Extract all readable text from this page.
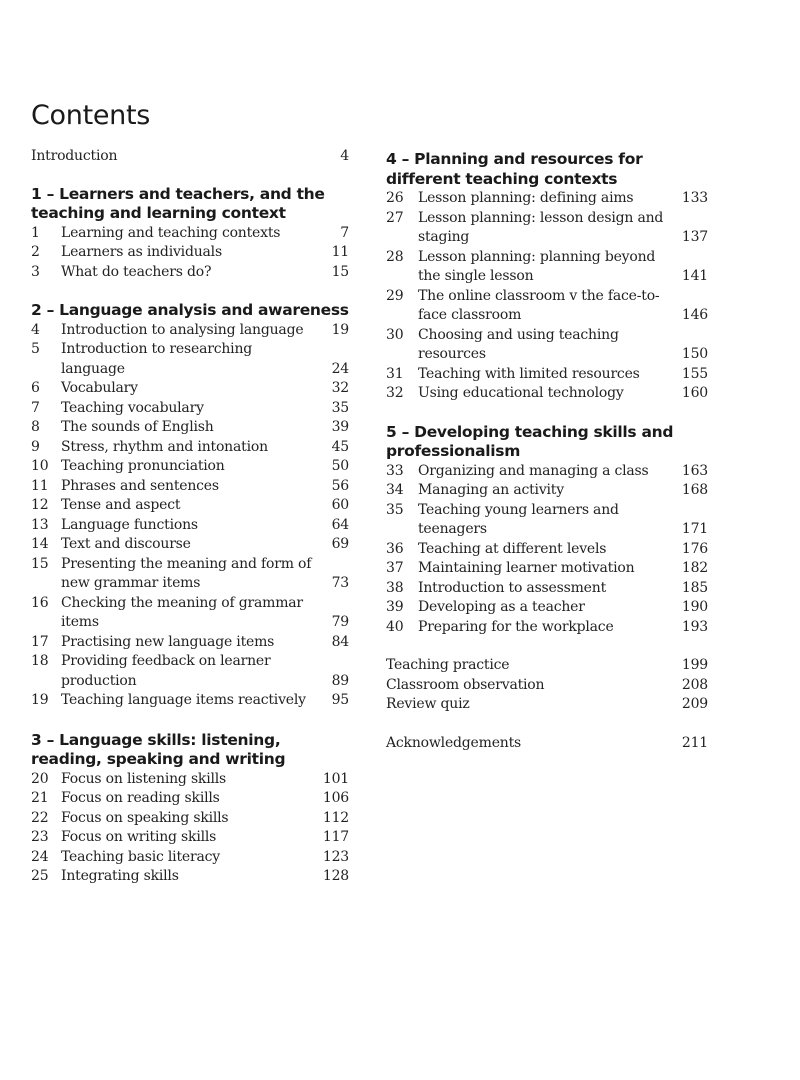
Contents
Introduction	4
1 – Learners and teachers, and the teaching and learning context
1	Learning and teaching contexts	7
2	Learners as individuals	11
3	What do teachers do?	15
2 – Language analysis and awareness
4	Introduction to analysing language	19
5	Introduction to researching language	24
6	Vocabulary	32
7	Teaching vocabulary	35
8	The sounds of English	39
9	Stress, rhythm and intonation	45
10 Teaching pronunciation	50
11 Phrases and sentences	56
12 Tense and aspect	60
13 Language functions	64
14 Text and discourse	69
15 Presenting the meaning and form of new grammar items	73
16 Checking the meaning of grammar items	79
17 Practising new language items	84
18 Providing feedback on learner production	89
19 Teaching language items reactively	95
3 – Language skills: listening, reading, speaking and writing
20 Focus on listening skills	101
21 Focus on reading skills	106
22 Focus on speaking skills	112
23 Focus on writing skills	117
24 Teaching basic literacy	123
25 Integrating skills	128
4 – Planning and resources for different teaching contexts
26	Lesson planning: defining aims	133
27	Lesson planning: lesson design and staging	137
28	Lesson planning: planning beyond the single lesson	141
29	The online classroom v the face-to-face classroom	146
30	Choosing and using teaching resources	150
31	Teaching with limited resources	155
32	Using educational technology	160
5 – Developing teaching skills and professionalism
33	Organizing and managing a class	163
34	Managing an activity	168
35	Teaching young learners and teenagers	171
36	Teaching at different levels	176
37	Maintaining learner motivation	182
38	Introduction to assessment	185
39	Developing as a teacher	190
40	Preparing for the workplace	193
Teaching practice	199
Classroom observation	208
Review quiz	209
Acknowledgements	211
